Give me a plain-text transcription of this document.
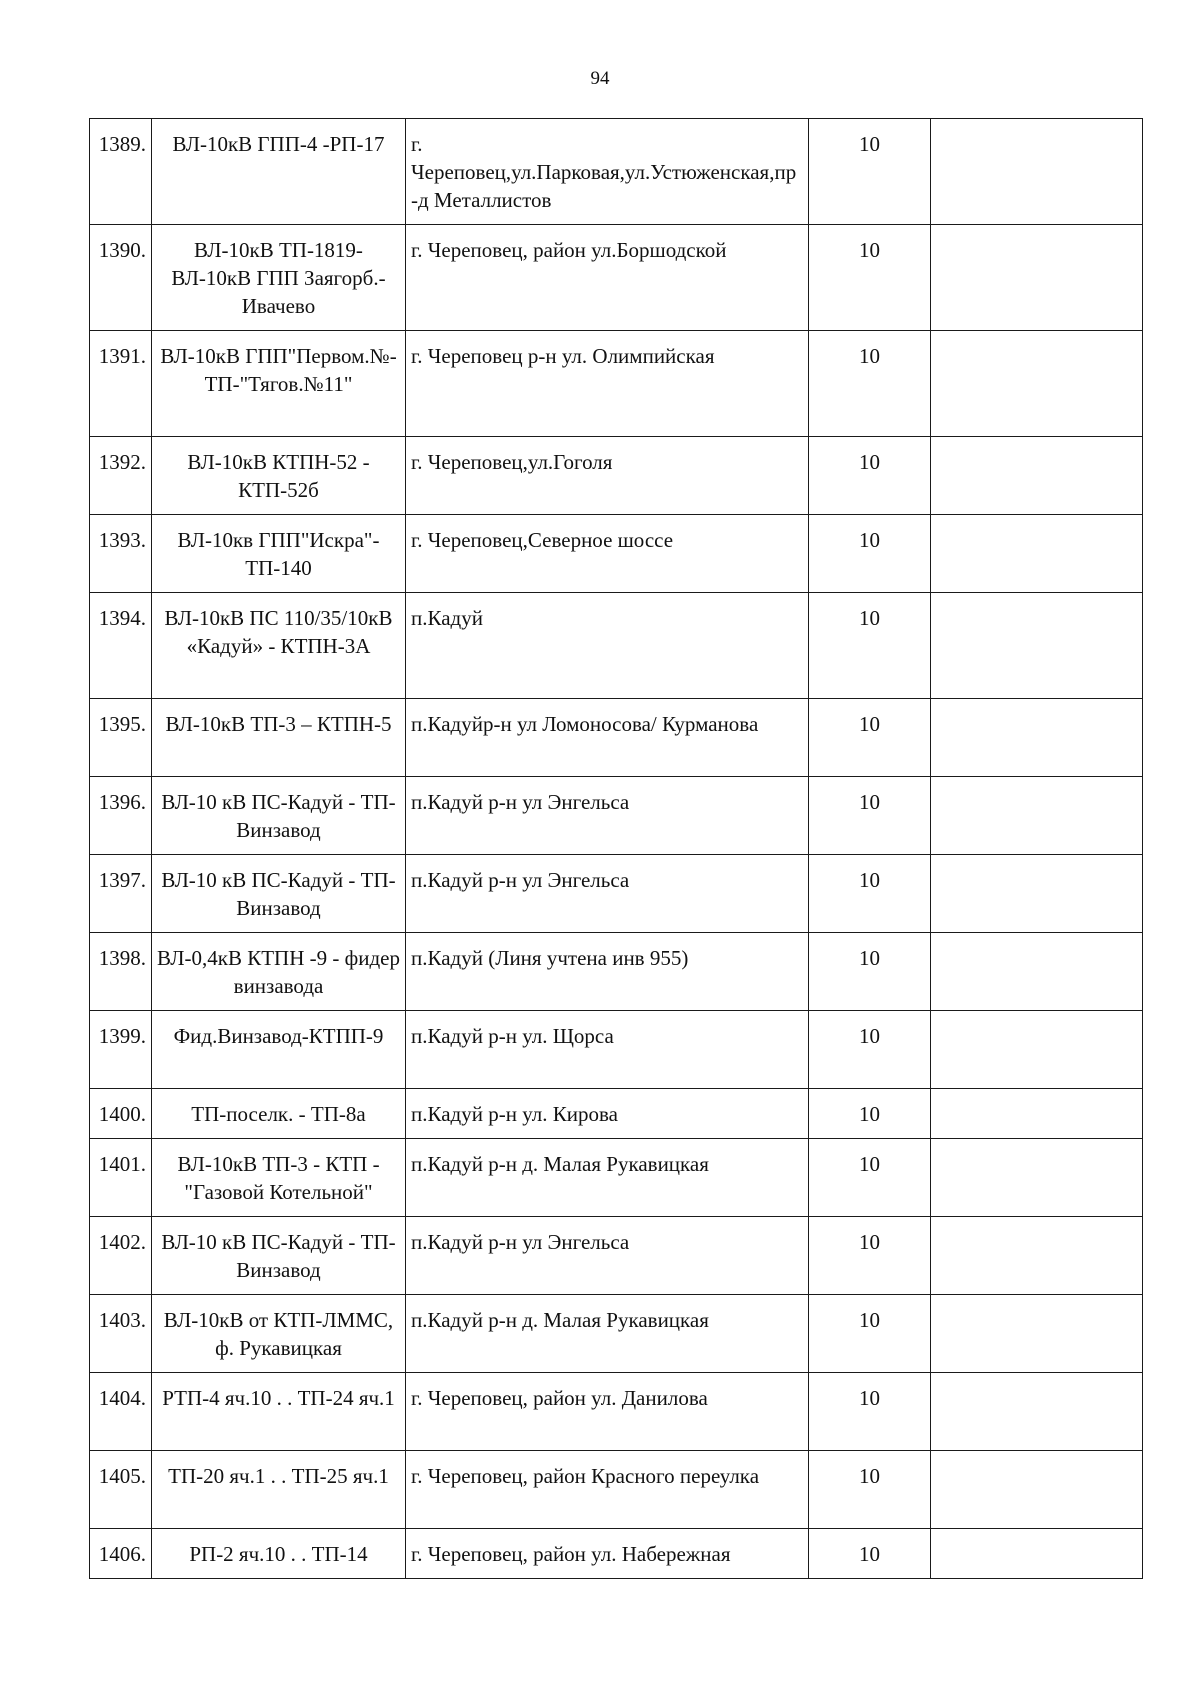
94
1389.	ВЛ-10кВ ГПП-4 -РП-17	г. Череповец,ул.Парковая,ул.Устюженская,пр-д Металлистов	10	
1390.	ВЛ-10кВ ТП-1819-ВЛ-10кВ ГПП Заягорб.-Ивачево	г. Череповец, район ул.Боршодской	10	
1391.	ВЛ-10кВ ГПП"Первом.№-ТП-"Тягов.№11"	г. Череповец р-н ул. Олимпийская	10	
1392.	ВЛ-10кВ КТПН-52 - КТП-52б	г. Череповец,ул.Гоголя	10	
1393.	ВЛ-10кв ГПП"Искра"-ТП-140	г. Череповец,Северное шоссе	10	
1394.	ВЛ-10кВ ПС 110/35/10кВ «Кадуй» - КТПН-3А	п.Кадуй	10	
1395.	ВЛ-10кВ ТП-3 – КТПН-5	п.Кадуйр-н ул Ломоносова/ Курманова	10	
1396.	ВЛ-10 кВ ПС-Кадуй - ТП-Винзавод	п.Кадуй р-н ул Энгельса	10	
1397.	ВЛ-10 кВ ПС-Кадуй - ТП-Винзавод	п.Кадуй р-н ул Энгельса	10	
1398.	ВЛ-0,4кВ КТПН -9 - фидер винзавода	п.Кадуй (Линя учтена инв 955)	10	
1399.	Фид.Винзавод-КТПП-9	п.Кадуй р-н ул. Щорса	10	
1400.	ТП-поселк. - ТП-8а	п.Кадуй р-н ул. Кирова	10	
1401.	ВЛ-10кВ ТП-3 - КТП - "Газовой Котельной"	п.Кадуй р-н д. Малая Рукавицкая	10	
1402.	ВЛ-10 кВ ПС-Кадуй - ТП-Винзавод	п.Кадуй р-н ул Энгельса	10	
1403.	ВЛ-10кВ от КТП-ЛММС, ф. Рукавицкая	п.Кадуй р-н д. Малая Рукавицкая	10	
1404.	РТП-4 яч.10 . . ТП-24 яч.1	г. Череповец, район ул. Данилова	10	
1405.	ТП-20 яч.1 . . ТП-25 яч.1	г. Череповец, район Красного переулка	10	
1406.	РП-2 яч.10 . . ТП-14	г. Череповец, район ул. Набережная	10	
